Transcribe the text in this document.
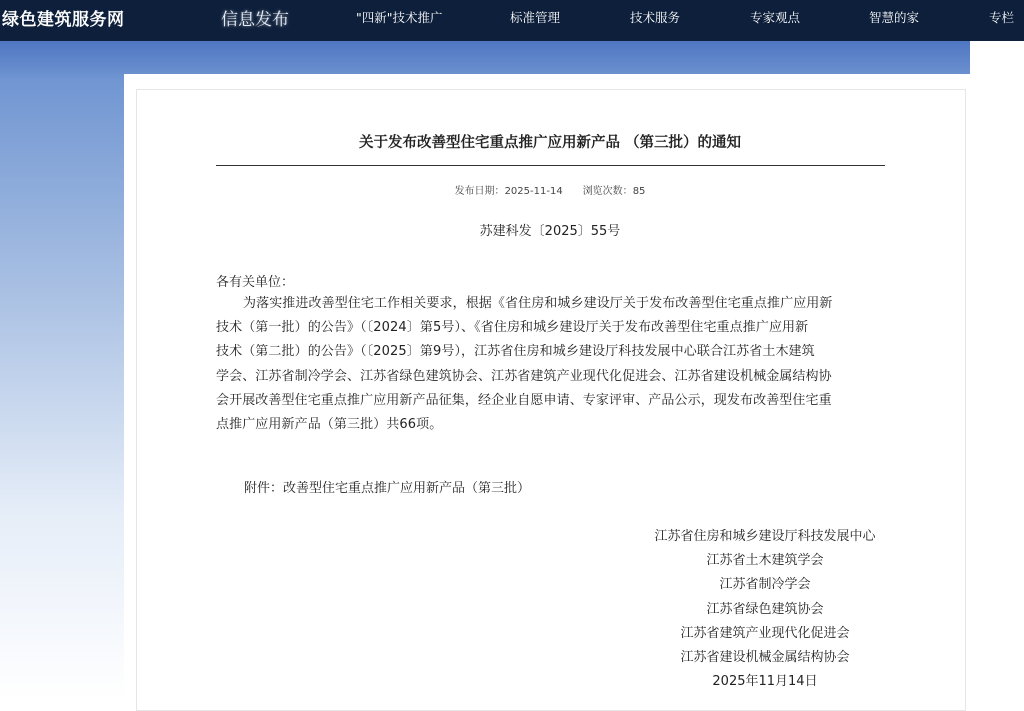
绿色建筑服务网	信息发布	"四新"技术推广	标准管理	技术服务	专家观点	智慧的家	专栏
关于发布改善型住宅重点推广应用新产品 （第三批）的通知
发布日期：2025-11-14 浏览次数：85
苏建科发〔2025〕55号
各有关单位：
为落实推进改善型住宅工作相关要求，根据《省住房和城乡建设厅关于发布改善型住宅重点推广应用新
技术（第一批）的公告》（〔2024〕第5号）、《省住房和城乡建设厅关于发布改善型住宅重点推广应用新
技术（第二批）的公告》（〔2025〕第9号），江苏省住房和城乡建设厅科技发展中心联合江苏省土木建筑
学会、江苏省制冷学会、江苏省绿色建筑协会、江苏省建筑产业现代化促进会、江苏省建设机械金属结构协
会开展改善型住宅重点推广应用新产品征集，经企业自愿申请、专家评审、产品公示，现发布改善型住宅重
点推广应用新产品（第三批）共66项。
附件：改善型住宅重点推广应用新产品（第三批）
江苏省住房和城乡建设厅科技发展中心
江苏省土木建筑学会
江苏省制冷学会
江苏省绿色建筑协会
江苏省建筑产业现代化促进会
江苏省建设机械金属结构协会
2025年11月14日
